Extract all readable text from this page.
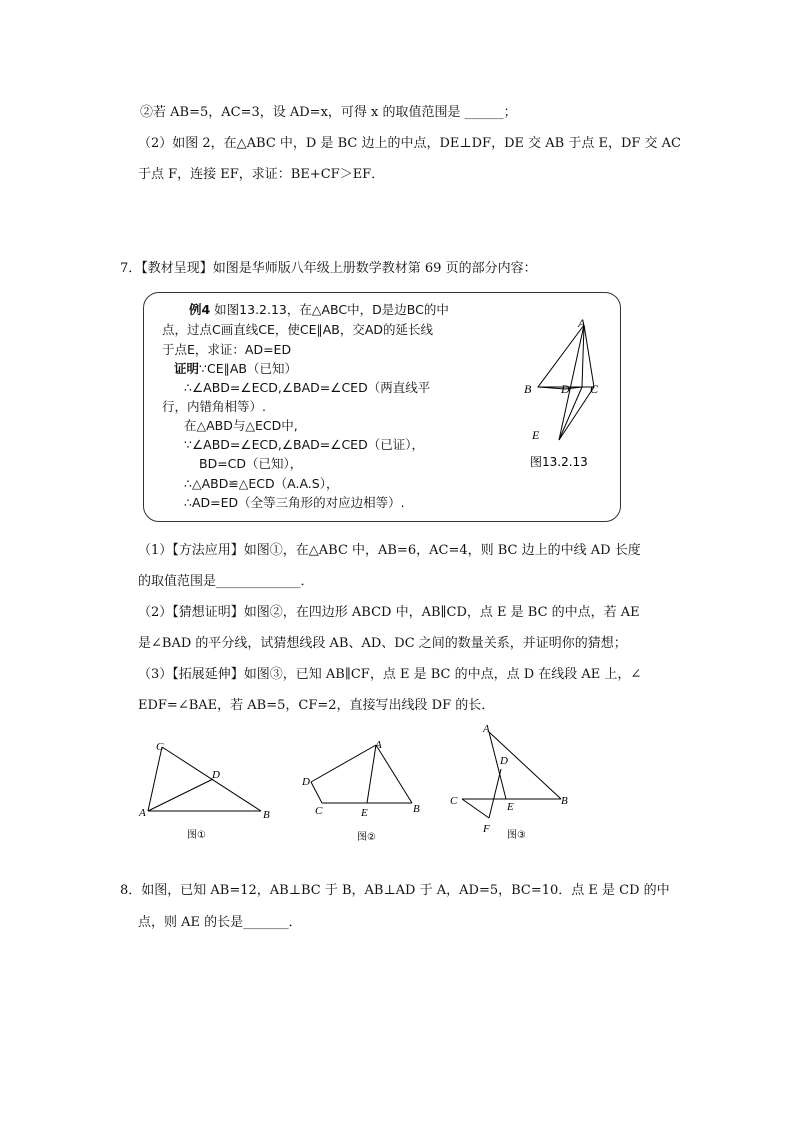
②若 AB=5，AC=3，设 AD=x，可得 x 的取值范围是 ______；
（2）如图 2，在△ABC 中，D 是 BC 边上的中点，DE⊥DF，DE 交 AB 于点 E，DF 交 AC
于点 F，连接 EF，求证：BE+CF＞EF．
7．【教材呈现】如图是华师版八年级上册数学教材第 69 页的部分内容：
例4 如图13.2.13，在△ABC中，D是边BC的中
点，过点C画直线CE，使CE∥AB，交AD的延长线
于点E，求证：AD=ED
证明∵CE∥AB（已知）
∴∠ABD=∠ECD,∠BAD=∠CED（两直线平
行，内错角相等）.
在△ABD与△ECD中,
∵∠ABD=∠ECD,∠BAD=∠CED（已证），
BD=CD（已知），
∴△ABD≌△ECD（A.A.S），
∴AD=ED（全等三角形的对应边相等）.
A
B D C
E
图13.2.13
（1）【方法应用】如图①，在△ABC 中，AB=6，AC=4，则 BC 边上的中线 AD 长度
的取值范围是_____________．
（2）【猜想证明】如图②，在四边形 ABCD 中，AB∥CD，点 E 是 BC 的中点，若 AE
是∠BAD 的平分线，试猜想线段 AB、AD、DC 之间的数量关系，并证明你的猜想；
（3）【拓展延伸】如图③，已知 AB∥CF，点 E 是 BC 的中点，点 D 在线段 AE 上，∠
EDF=∠BAE，若 AB=5，CF=2，直接写出线段 DF 的长．
C
A	B
D
图①
A
D
C	E	B
图②
A
D
C	E	B
F
图③
8．如图，已知 AB=12，AB⊥BC 于 B，AB⊥AD 于 A，AD=5，BC=10．点 E 是 CD 的中
点，则 AE 的长是_______．
